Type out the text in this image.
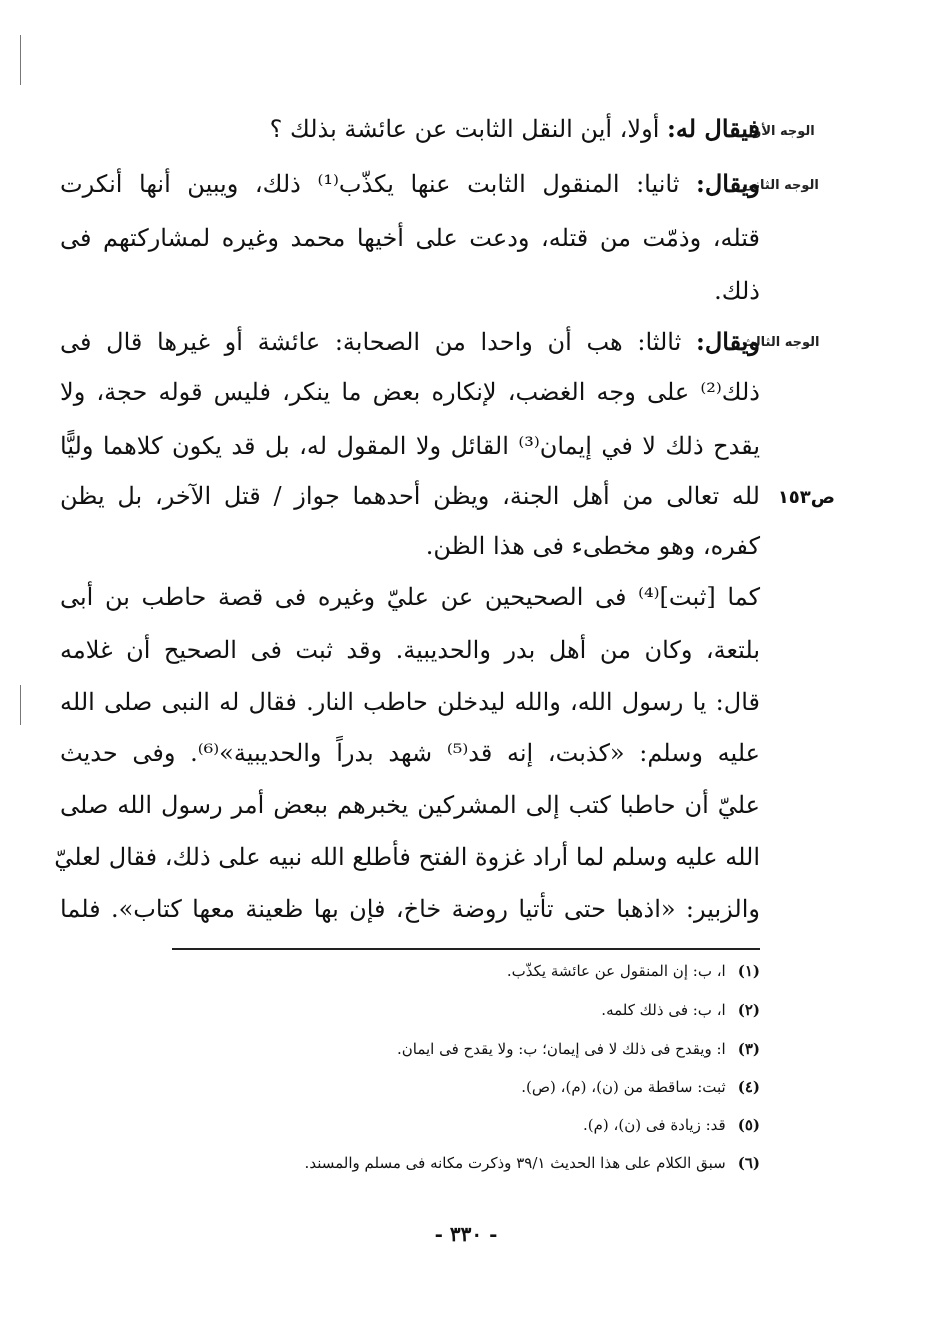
الوجه الأول
الوجه الثانى
الوجه الثالث
ص١٥٣
فيقال له: أولا، أين النقل الثابت عن عائشة بذلك ؟
ويقال: ثانيا: المنقول الثابت عنها يكذّب⁽¹⁾ ذلك، ويبين أنها أنكرت
قتله، وذمّت من قتله، ودعت على أخيها محمد وغيره لمشاركتهم فى
ذلك.
ويقال: ثالثا: هب أن واحدا من الصحابة: عائشة أو غيرها قال فى
ذلك⁽²⁾ على وجه الغضب، لإنكاره بعض ما ينكر، فليس قوله حجة، ولا
يقدح ذلك لا في إيمان⁽³⁾ القائل ولا المقول له، بل قد يكون كلاهما وليًّا
لله تعالى من أهل الجنة، ويظن أحدهما جواز / قتل الآخر، بل يظن
كفره، وهو مخطىء فى هذا الظن.
كما [ثبت]⁽⁴⁾ فى الصحيحين عن عليّ وغيره فى قصة حاطب بن أبى
بلتعة، وكان من أهل بدر والحديبية. وقد ثبت فى الصحيح أن غلامه
قال: يا رسول الله، والله ليدخلن حاطب النار. فقال له النبى صلى الله
عليه وسلم: «كذبت، إنه قد⁽⁵⁾ شهد بدراً والحديبية»⁽⁶⁾. وفى حديث
عليّ أن حاطبا كتب إلى المشركين يخبرهم ببعض أمر رسول الله صلى
الله عليه وسلم لما أراد غزوة الفتح فأطلع الله نبيه على ذلك، فقال لعليّ
والزبير: «اذهبا حتى تأتيا روضة خاخ، فإن بها ظعينة معها كتاب». فلما
(١)ا، ب: إن المنقول عن عائشة يكذّب.
(٢)ا، ب: فى ذلك كلمه.
(٣)ا: ويقدح فى ذلك لا فى إيمان؛ ب: ولا يقدح فى ايمان.
(٤)ثبت: ساقطة من (ن)، (م)، (ص).
(٥)قد: زيادة فى (ن)، (م).
(٦)سبق الكلام على هذا الحديث ٣٩/١ وذكرت مكانه فى مسلم والمسند.
- ٣٣٠ -
